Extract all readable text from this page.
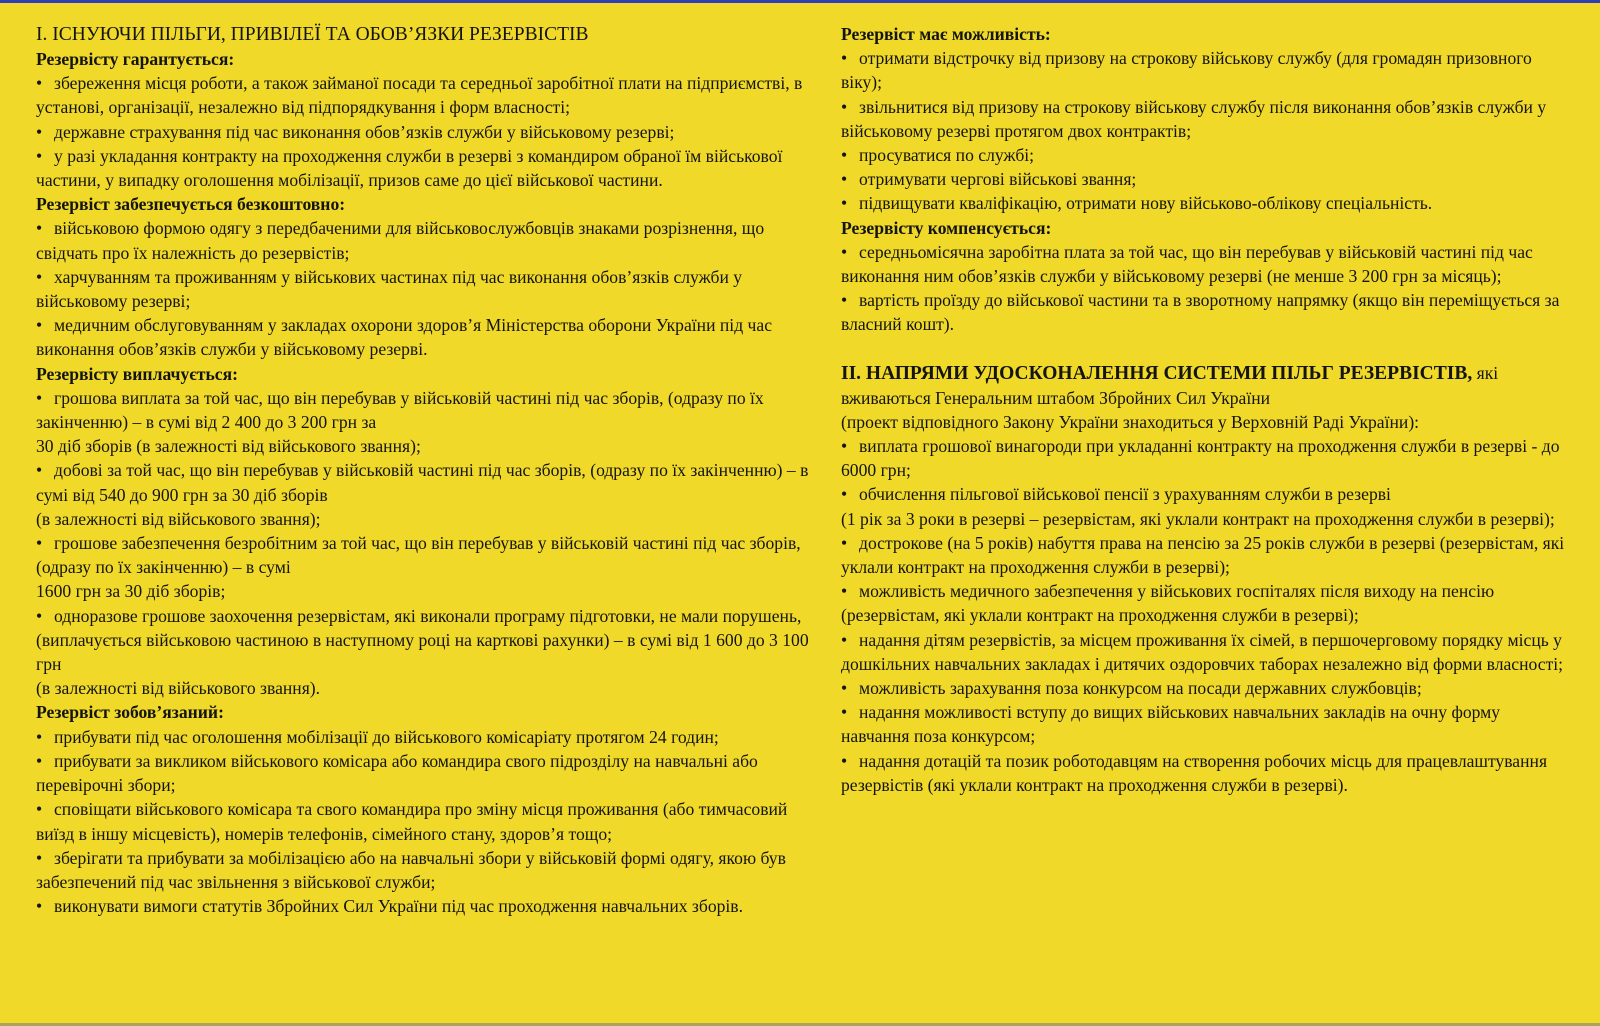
І. ІСНУЮЧИ ПІЛЬГИ, ПРИВІЛЕЇ ТА ОБОВ’ЯЗКИ РЕЗЕРВІСТІВ

Резервісту гарантується:

• збереження місця роботи, а також займаної посади та середньої заробітної плати на підприємстві, в установі, організації, незалежно від підпорядкування і форм власності;

• державне страхування під час виконання обов’язків служби у військовому резерві;

• у разі укладання контракту на проходження служби в резерві з командиром обраної їм військової частини, у випадку оголошення мобілізації, призов саме до цієї військової частини.

Резервіст забезпечується безкоштовно:

• військовою формою одягу з передбаченими для військовослужбовців знаками розрізнення, що свідчать про їх належність до резервістів;

• харчуванням та проживанням у військових частинах під час виконання обов’язків служби у військовому резерві;

• медичним обслуговуванням у закладах охорони здоров’я Міністерства оборони України під час виконання обов’язків служби у військовому резерві.

Резервісту виплачується:

• грошова виплата за той час, що він перебував у військовій частині під час зборів, (одразу по їх закінченню) – в сумі від 2 400 до 3 200 грн за
30 діб зборів (в залежності від військового звання);

• добові за той час, що він перебував у військовій частині під час зборів, (одразу по їх закінченню) – в сумі від 540 до 900 грн за 30 діб зборів
(в залежності від військового звання);

• грошове забезпечення безробітним за той час, що він перебував у військовій частині під час зборів, (одразу по їх закінченню) – в сумі
1600 грн за 30 діб зборів;

• одноразове грошове заохочення резервістам, які виконали програму підготовки, не мали порушень, (виплачується військовою частиною в наступному році на карткові рахунки) – в сумі від 1 600 до 3 100 грн
(в залежності від військового звання).

Резервіст зобов’язаний:

• прибувати під час оголошення мобілізації до військового комісаріату протягом 24 годин;

• прибувати за викликом військового комісара або командира свого підрозділу на навчальні або перевірочні збори;

• сповіщати військового комісара та свого командира про зміну місця проживання (або тимчасовий виїзд в іншу місцевість), номерів телефонів, сімейного стану, здоров’я тощо;

• зберігати та прибувати за мобілізацією або на навчальні збори у військовій формі одягу, якою був забезпечений під час звільнення з військової служби;

• виконувати вимоги статутів Збройних Сил України під час проходження навчальних зборів.

Резервіст має можливість:

• отримати відстрочку від призову на строкову військову службу (для громадян призовного віку);

• звільнитися від призову на строкову військову службу після виконання обов’язків служби у військовому резерві протягом двох контрактів;

• просуватися по службі;

• отримувати чергові військові звання;

• підвищувати кваліфікацію, отримати нову військово-облікову спеціальність.

Резервісту компенсується:

• середньомісячна заробітна плата за той час, що він перебував у військовій частині під час виконання ним обов’язків служби у військовому резерві (не менше 3 200 грн за місяць);

• вартість проїзду до військової частини та в зворотному напрямку (якщо він переміщується за власний кошт).

ІІ. НАПРЯМИ УДОСКОНАЛЕННЯ СИСТЕМИ ПІЛЬГ РЕЗЕРВІСТІВ, які вживаються Генеральним штабом Збройних Сил України

(проект відповідного Закону України знаходиться у Верховній Раді України):

• виплата грошової винагороди при укладанні контракту на проходження служби в резерві - до 6000 грн;

• обчислення пільгової військової пенсії з урахуванням служби в резерві
(1 рік за 3 роки в резерві – резервістам, які уклали контракт на проходження служби в резерві);

• дострокове (на 5 років) набуття права на пенсію за 25 років служби в резерві (резервістам, які уклали контракт на проходження служби в резерві);

• можливість медичного забезпечення у військових госпіталях після виходу на пенсію (резервістам, які уклали контракт на проходження служби в резерві);

• надання дітям резервістів, за місцем проживання їх сімей, в першочерговому порядку місць у дошкільних навчальних закладах і дитячих оздоровчих таборах незалежно від форми власності;

• можливість зарахування поза конкурсом на посади державних службовців;

• надання можливості вступу до вищих військових навчальних закладів на очну форму навчання поза конкурсом;

• надання дотацій та позик роботодавцям на створення робочих місць для працевлаштування резервістів (які уклали контракт на проходження служби в резерві).
